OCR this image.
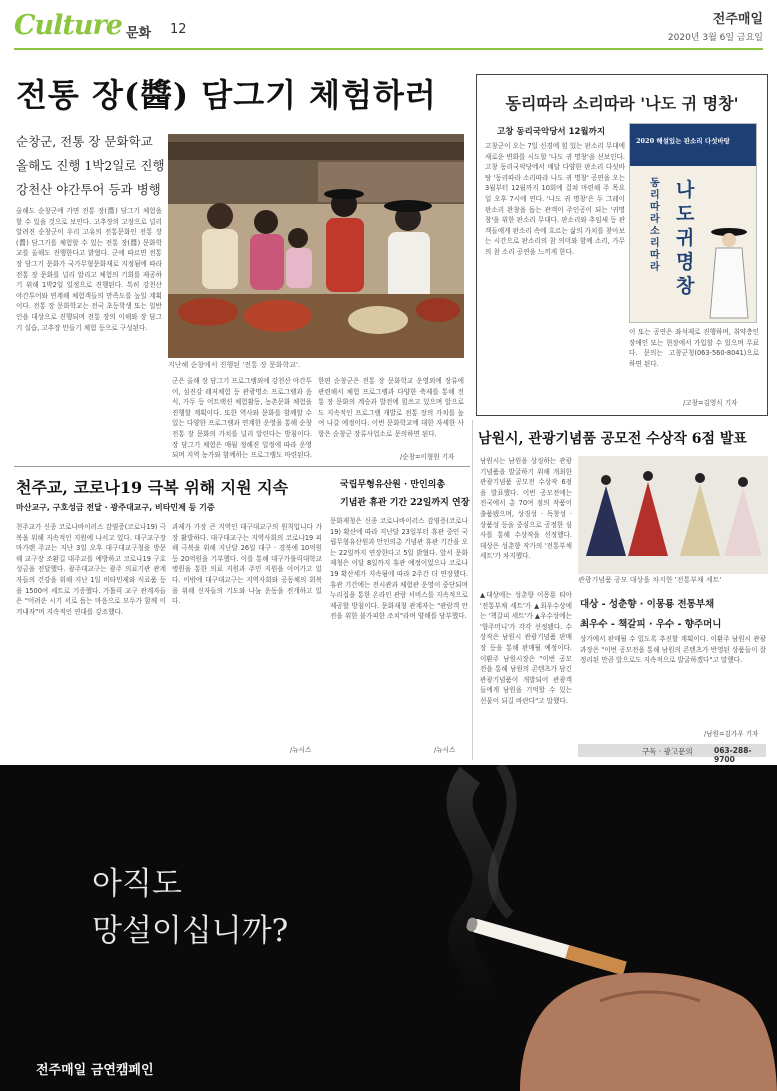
Culture 문화 12
전주매일
2020년 3월 6일 금요일
전통 장(醬) 담그기 체험하러
순창군, 전통 장 문화학교
올해도 진행 1박2일로 진행
강천산 야간투어 등과 병행
올해도 순창군에 가면 전통 장(醬) 담그기 체험을 할 수 있을 것으로 보인다. 고추장의 고장으로 널리 알려진 순창군이 우리 고유의 전통문화인 전통 장(醬) 담그기를 체험할 수 있는 전통 장(醬) 문화학교를 올해도 진행한다고 밝혔다. 군에 따르면 전통 장 담그기 문화가 국가무형문화재로 지정됨에 따라 전통 장 문화를 널리 알리고 체험의 기회를 제공하기 위해 1박2일 일정으로 진행된다. 특히 강천산 야간투어와 연계해 체험객들의 만족도를 높일 계획이다. 전통 장 문화학교는 전국 초등학생 또는 일반인을 대상으로 진행되며 전통 장의 이해와 장 담그기 실습, 고추장 만들기 체험 등으로 구성된다.
지난해 순창에서 진행된 '전통 장 문화학교'.
군은 올해 장 담그기 프로그램외에 강천산 야간투어, 섬진강 레저체험 등 관광명소 프로그램과 음식, 가두 등 어트랙션 체험활동, 농촌문화 체험을 진행할 계획이다. 또한 역사와 문화를 함께할 수 있는 다양한 프로그램과 연계한 운영을 통해 순창 전통 장 문화의 가치를 널리 알린다는 방침이다. 장 담그기 체험은 매월 정해진 일정에 따라 운영되며 지역 농가와 함께하는 프로그램도 마련된다.
한편 순창군은 전통 장 문화학교 운영외에 장류에 관련해서 체험 프로그램과 다양한 축제를 통해 전통 장 문화의 계승과 발전에 힘쓰고 있으며 앞으로도 지속적인 프로그램 개발로 전통 장의 가치를 높여 나갈 예정이다. 이번 문화학교에 대한 자세한 사항은 순창군 장류사업소로 문의하면 된다.
/순창=이형원 기자
동리따라 소리따라 '나도 귀 명창'
고창 동리국악당서 12월까지
고창군이 오는 7일 신경에 힘 있는 판소리 무대에 새로운 변화를 시도할 '나도 귀 명창'을 선보인다. 고창 동리국악당에서 매달 다양한 판소리 다섯바탕 '동리따라 소리따라 나도 귀 명창' 공연을 오는 3월부터 12월까지 10회에 걸쳐 마련해 주 목요일 오후 7시에 연다. '나도 귀 명창'은 두 그레이 판소리 완창을 돕는 관객이 주인공이 되는 '귀명창'을 위한 판소리 무대다. 판소리와 추임새 등 관객들에게 판소리 속에 흐르는 삶의 가치를 찾아보는 시간으로 판소리의 참 의미와 함께 소리, 가무의 참 소리 공연을 느끼게 한다.
2020 해설있는 판소리 다섯바탕
동리따라 소리따라
나도 귀 명창
이 또는 공연은 좌석제로 진행하며, 취약층인 장애인 또는 현장에서 가입할 수 있으며 무료다. 문의는 고창군청(063-560-8041)으로 하면 된다.
/고창=김영식 기자
천주교, 코로나19 극복 위해 지원 지속
마산교구, 구호성금 전달 · 광주대교구, 비타민제 등 기증
천주교가 신종 코로나바이러스 감염증(코로나19) 극복을 위해 지속적인 지원에 나서고 있다. 대구교구장 마가렌 주교는 지난 3일 오후 대구대교구청을 방문해 교구장 조환길 대주교를 예방하고 코로나19 구호 성금을 전달했다. 광주대교구는 광주 의료기관 관계자들의 건강을 위해 지난 1일 비타민제와 식료품 등을 1500여 세트로 기증했다. 가톨릭 교구 관계자들은 "어려운 시기 서로 돕는 마음으로 모두가 함께 이겨내자"며 지속적인 연대를 강조했다.
과제가 가장 큰 지역인 대구대교구의 원칙입니다 가장 활발하다. 대구대교구는 지역사회의 코로나19 피해 극복을 위해 지난달 26일 대구 · 경북에 10억원 등 20억원을 기부했다. 이를 통해 대구가톨릭대학교병원을 통한 의료 지원과 주민 지원을 이어가고 있다. 이밖에 대구대교구는 지역사회와 공동체의 회복을 위해 신자들의 기도와 나눔 운동을 전개하고 있다.
/뉴시스
국립무형유산원 · 만인의총
기념관 휴관 기간 22일까지 연장
문화재청은 신종 코로나바이러스 감염증(코로나19) 확산에 따라 지난달 23일부터 휴관 중인 국립무형유산원과 만인의총 기념관 휴관 기간을 오는 22일까지 연장한다고 5일 밝혔다. 앞서 문화재청은 이달 8일까지 휴관 예정이었으나 코로나19 확산세가 지속됨에 따라 2주간 더 연장했다. 휴관 기간에는 전시관과 체험관 운영이 중단되며 누리집을 통한 온라인 관람 서비스를 지속적으로 제공할 방침이다. 문화재청 관계자는 "관람객 안전을 위한 불가피한 조치"라며 양해를 당부했다.
/뉴시스
남원시, 관광기념품 공모전 수상작 6점 발표
남원시는 남원을 상징하는 관광기념품을 발굴하기 위해 개최한 관광기념품 공모전 수상작 6점을 발표했다. 이번 공모전에는 전국에서 총 70여 점의 작품이 출품됐으며, 상징성 · 독창성 · 상품성 등을 중심으로 공정한 심사를 통해 수상작을 선정했다. 대상은 성춘향 작가의 '전통부채 세트'가 차지했다.
관광기념품 공모 대상을 차지한 '전통부채 세트'
▲대상에는 성춘향 이몽룡 티아 '전통부채 세트'가 ▲최우수상에는 '책갈피 세트'가 ▲우수상에는 '향주머니'가 각각 선정됐다. 수상작은 남원시 관광기념품 판매장 등을 통해 판매될 예정이다. 이환주 남원시장은 "이번 공모전을 통해 남원의 콘텐츠가 담긴 관광기념품이 개발되어 관광객들에게 남원을 기억할 수 있는 선물이 되길 바란다"고 말했다.
대상 - 성춘향 · 이몽룡 전통부채
최우수 - 책갈피 · 우수 - 향주머니
상가에서 판매될 수 있도록 추진할 계획이다. 이환주 남원시 관광과장은 "이번 공모전을 통해 남원의 콘텐츠가 반영된 상품들이 잘 정리된 만큼 앞으로도 지속적으로 발굴하겠다"고 말했다.
/남원=김가우 기자
구독 · 광고문의	063-288-9700
아직도
망설이십니까?
전주매일 금연캠페인
